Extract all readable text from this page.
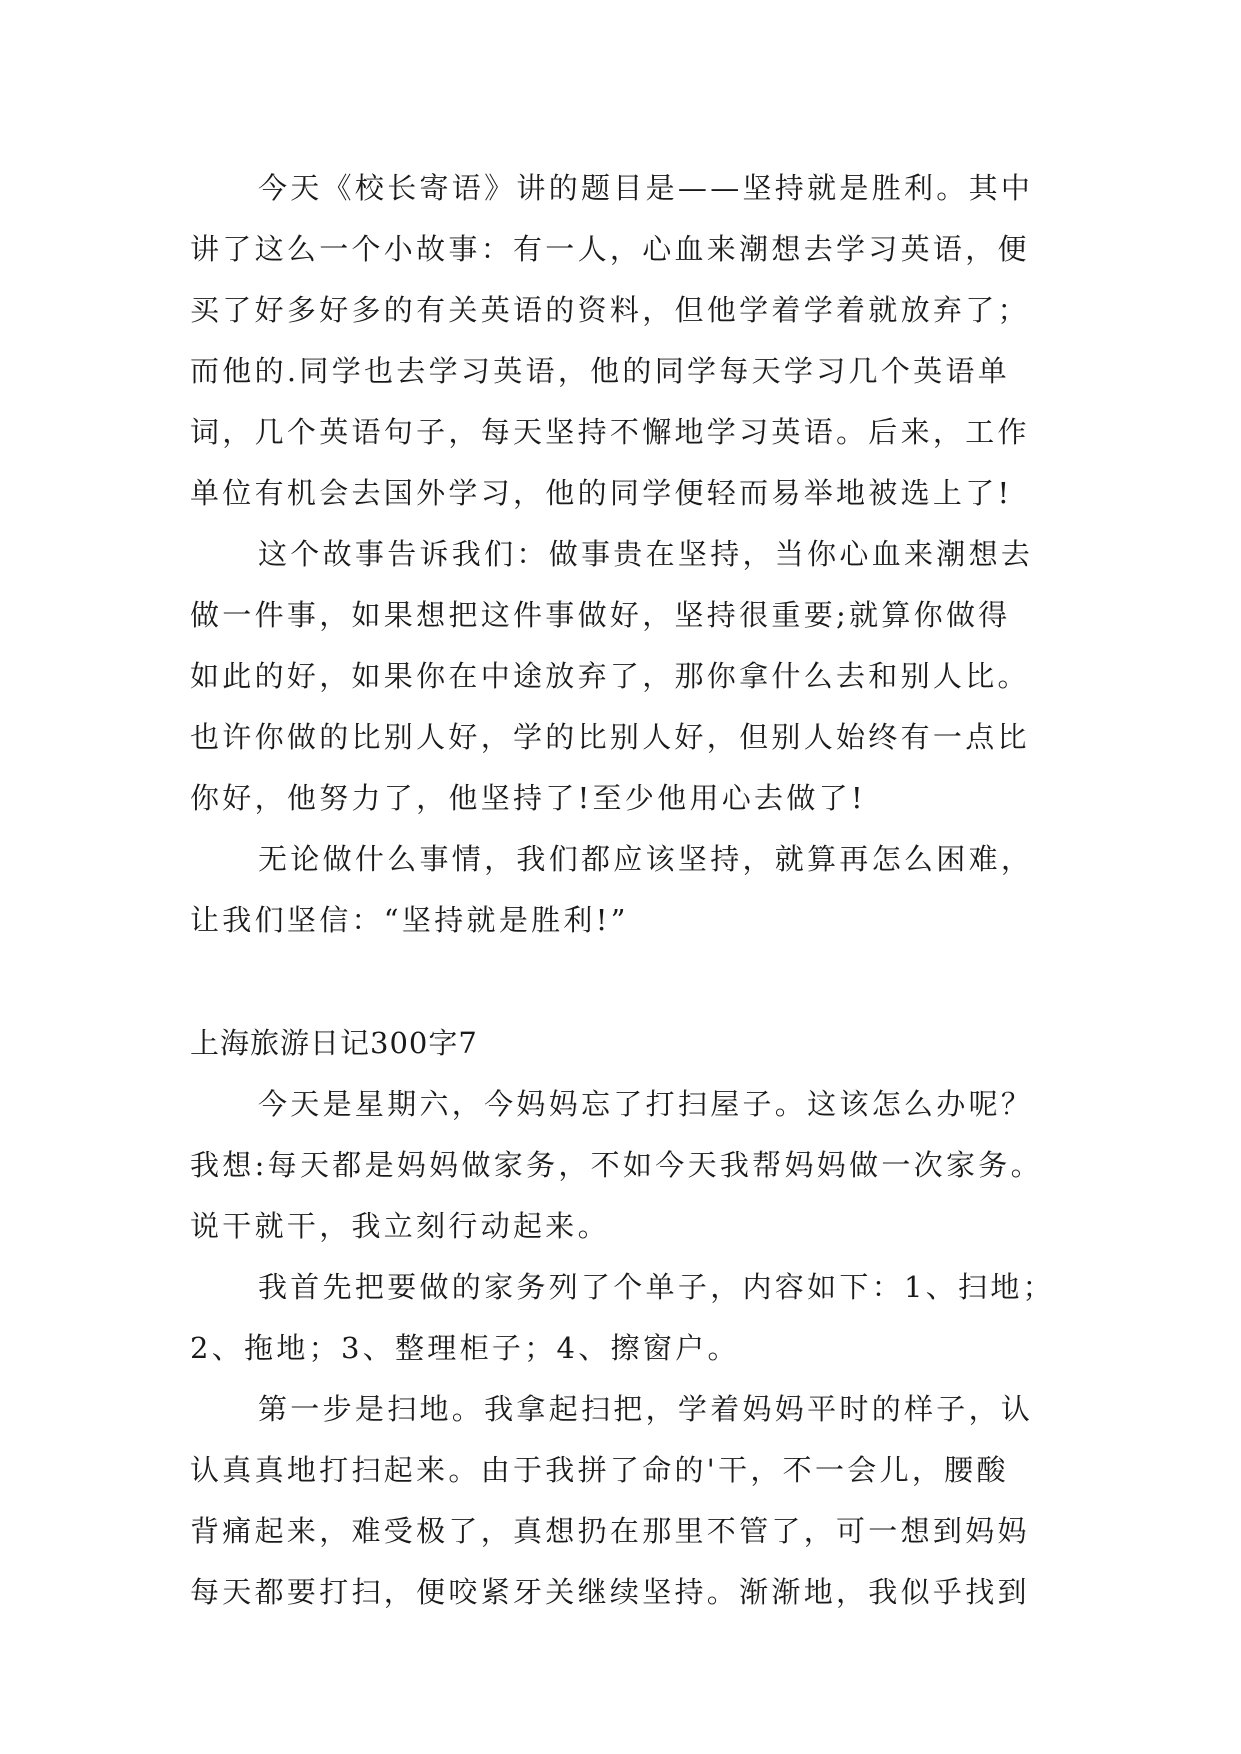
今天《校长寄语》讲的题目是——坚持就是胜利。其中
讲了这么一个小故事：有一人，心血来潮想去学习英语，便
买了好多好多的有关英语的资料，但他学着学着就放弃了；
而他的.同学也去学习英语，他的同学每天学习几个英语单
词，几个英语句子，每天坚持不懈地学习英语。后来，工作
单位有机会去国外学习，他的同学便轻而易举地被选上了!
这个故事告诉我们：做事贵在坚持，当你心血来潮想去
做一件事，如果想把这件事做好，坚持很重要;就算你做得
如此的好，如果你在中途放弃了，那你拿什么去和别人比。
也许你做的比别人好，学的比别人好，但别人始终有一点比
你好，他努力了，他坚持了!至少他用心去做了!
无论做什么事情，我们都应该坚持，就算再怎么困难，
让我们坚信：“坚持就是胜利!”
上海旅游日记300字7
今天是星期六，今妈妈忘了打扫屋子。这该怎么办呢？
我想:每天都是妈妈做家务，不如今天我帮妈妈做一次家务。
说干就干，我立刻行动起来。
我首先把要做的家务列了个单子，内容如下：1、扫地；
2、拖地；3、整理柜子；4、擦窗户。
第一步是扫地。我拿起扫把，学着妈妈平时的样子，认
认真真地打扫起来。由于我拼了命的'干，不一会儿，腰酸
背痛起来，难受极了，真想扔在那里不管了，可一想到妈妈
每天都要打扫，便咬紧牙关继续坚持。渐渐地，我似乎找到
